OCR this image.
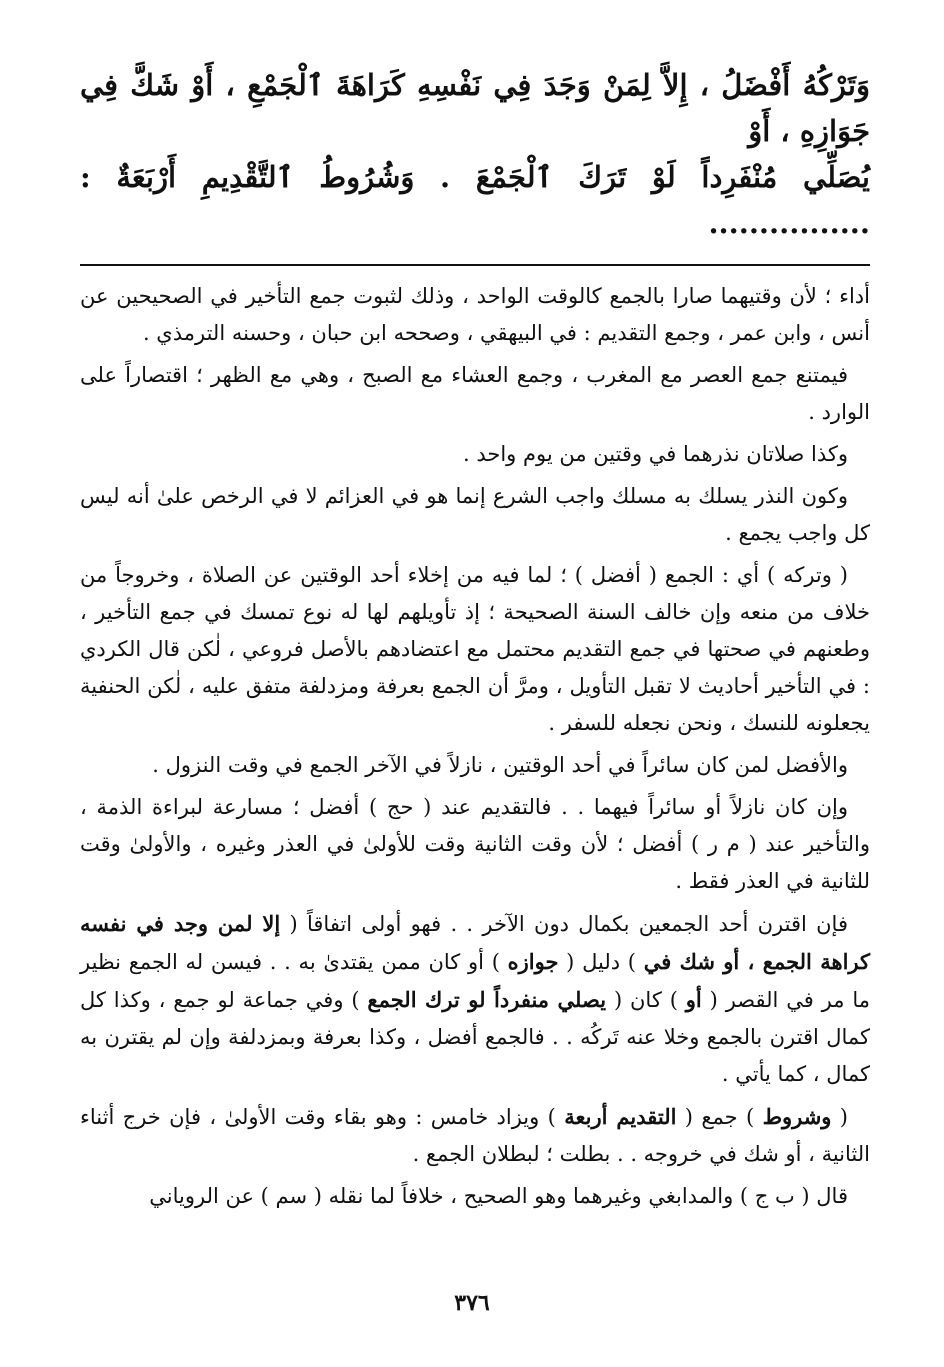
وَتَرْكُهُ أَفْضَلُ ، إِلاَّ لِمَنْ وَجَدَ فِي نَفْسِهِ كَرَاهَةَ ٱلْجَمْعِ ، أَوْ شَكَّ فِي جَوَازِهِ ، أَوْ
يُصَلِّي مُنْفَرِداً لَوْ تَرَكَ ٱلْجَمْعَ . وَشُرُوطُ ٱلتَّقْدِيمِ أَرْبَعَةٌ : ................

أداء ؛ لأن وقتيهما صارا بالجمع كالوقت الواحد ، وذلك لثبوت جمع التأخير في الصحيحين عن أنس ، وابن عمر ، وجمع التقديم : في البيهقي ، وصححه ابن حبان ، وحسنه الترمذي .

فيمتنع جمع العصر مع المغرب ، وجمع العشاء مع الصبح ، وهي مع الظهر ؛ اقتصاراً على الوارد .

وكذا صلاتان نذرهما في وقتين من يوم واحد .

وكون النذر يسلك به مسلك واجب الشرع إنما هو في العزائم لا في الرخص علىٰ أنه ليس كل واجب يجمع .

( وتركه ) أي : الجمع ( أفضل ) ؛ لما فيه من إخلاء أحد الوقتين عن الصلاة ، وخروجاً من خلاف من منعه وإن خالف السنة الصحيحة ؛ إذ تأويلهم لها له نوع تمسك في جمع التأخير ، وطعنهم في صحتها في جمع التقديم محتمل مع اعتضادهم بالأصل فروعي ، لٰكن قال الكردي : في التأخير أحاديث لا تقبل التأويل ، ومرَّ أن الجمع بعرفة ومزدلفة متفق عليه ، لٰكن الحنفية يجعلونه للنسك ، ونحن نجعله للسفر .

والأفضل لمن كان سائراً في أحد الوقتين ، نازلاً في الآخر الجمع في وقت النزول .

وإن كان نازلاً أو سائراً فيهما . . فالتقديم عند ( حج ) أفضل ؛ مسارعة لبراءة الذمة ، والتأخير عند ( م ر ) أفضل ؛ لأن وقت الثانية وقت للأولىٰ في العذر وغيره ، والأولىٰ وقت للثانية في العذر فقط .

فإن اقترن أحد الجمعين بكمال دون الآخر . . فهو أولى اتفاقاً ( إلا لمن وجد في نفسه كراهة الجمع ، أو شك في ) دليل ( جوازه ) أو كان ممن يقتدىٰ به . . فيسن له الجمع نظير ما مر في القصر ( أو ) كان ( يصلي منفرداً لو ترك الجمع ) وفي جماعة لو جمع ، وكذا كل كمال اقترن بالجمع وخلا عنه تَركُه . . فالجمع أفضل ، وكذا بعرفة وبمزدلفة وإن لم يقترن به كمال ، كما يأتي .

( وشروط ) جمع ( التقديم أربعة ) ويزاد خامس : وهو بقاء وقت الأولىٰ ، فإن خرج أثناء الثانية ، أو شك في خروجه . . بطلت ؛ لبطلان الجمع .

قال ( ب ج ) والمدابغي وغيرهما وهو الصحيح ، خلافاً لما نقله ( سم ) عن الروياني

٣٧٦
